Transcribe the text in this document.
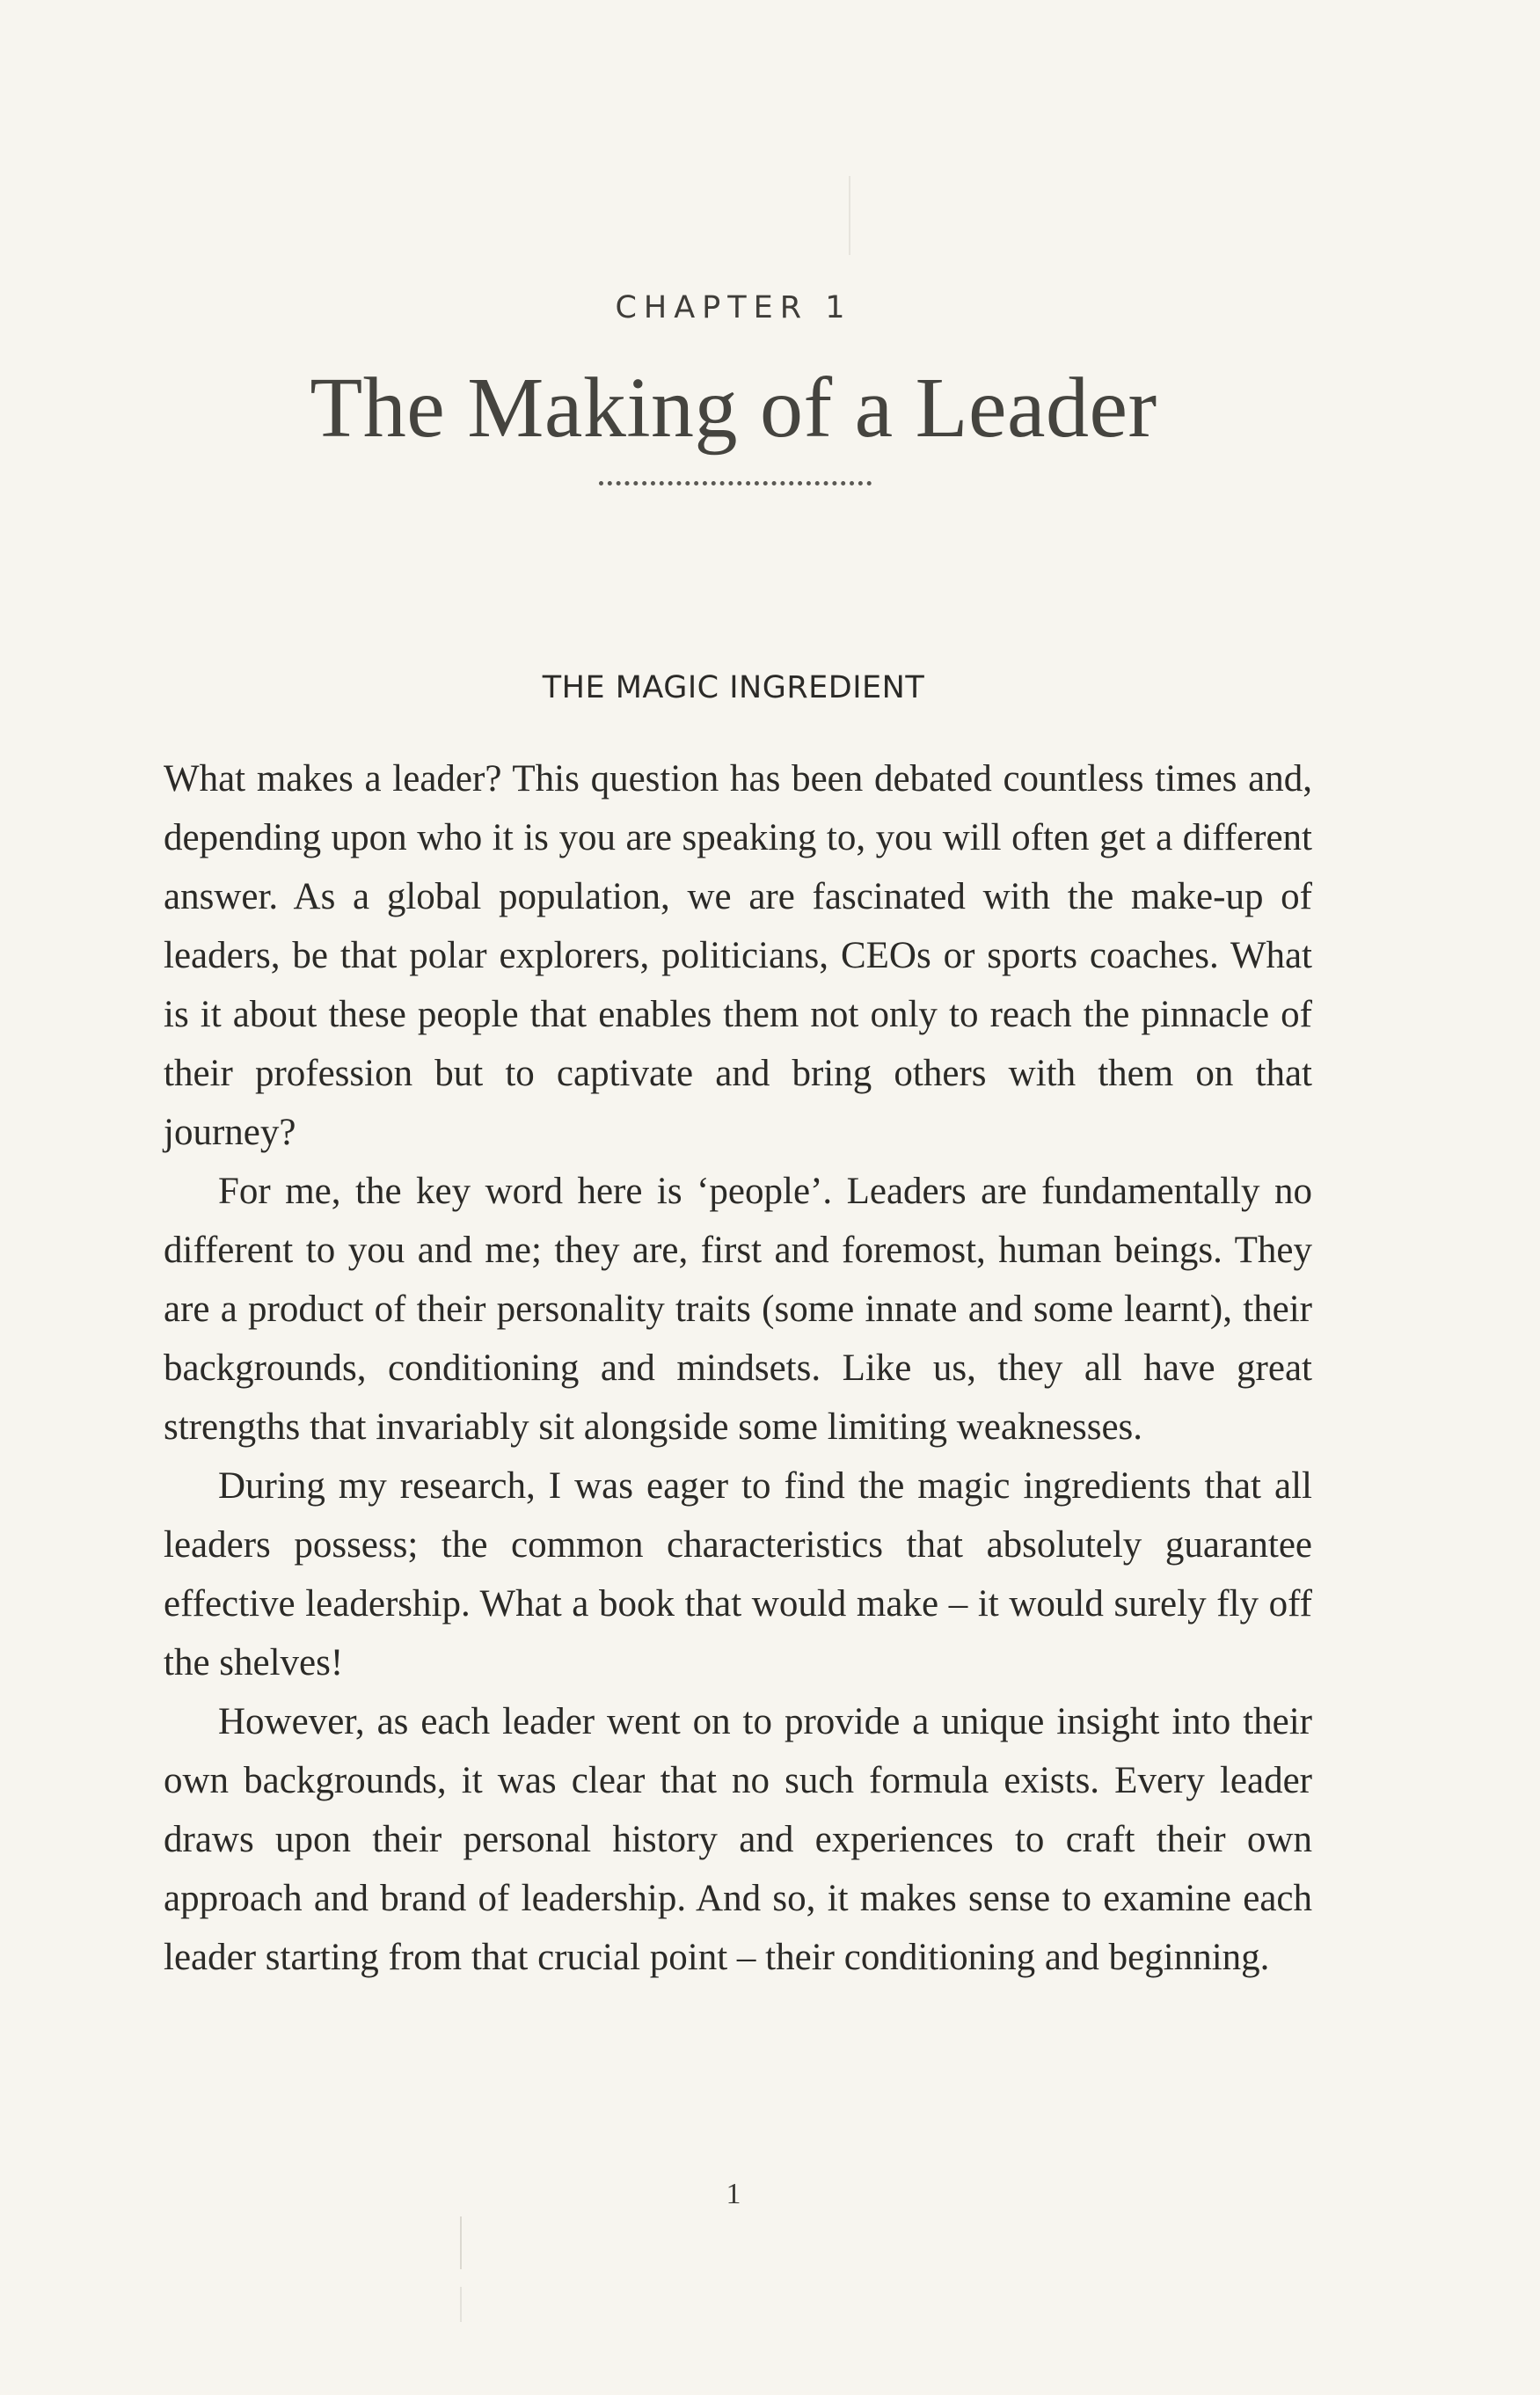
CHAPTER 1
The Making of a Leader
THE MAGIC INGREDIENT

What makes a leader? This question has been debated countless times and, depending upon who it is you are speaking to, you will often get a different answer. As a global population, we are fascinated with the make-up of leaders, be that polar explorers, politicians, CEOs or sports coaches. What is it about these people that enables them not only to reach the pinnacle of their profession but to captivate and bring others with them on that journey?

For me, the key word here is ‘people’. Leaders are fundamentally no different to you and me; they are, first and foremost, human beings. They are a product of their personality traits (some innate and some learnt), their backgrounds, conditioning and mindsets. Like us, they all have great strengths that invariably sit alongside some limiting weaknesses.

During my research, I was eager to find the magic ingredients that all leaders possess; the common characteristics that absolutely guarantee effective leadership. What a book that would make – it would surely fly off the shelves!

However, as each leader went on to provide a unique insight into their own backgrounds, it was clear that no such formula exists. Every leader draws upon their personal history and experiences to craft their own approach and brand of leadership. And so, it makes sense to examine each leader starting from that crucial point – their conditioning and beginning.

1
